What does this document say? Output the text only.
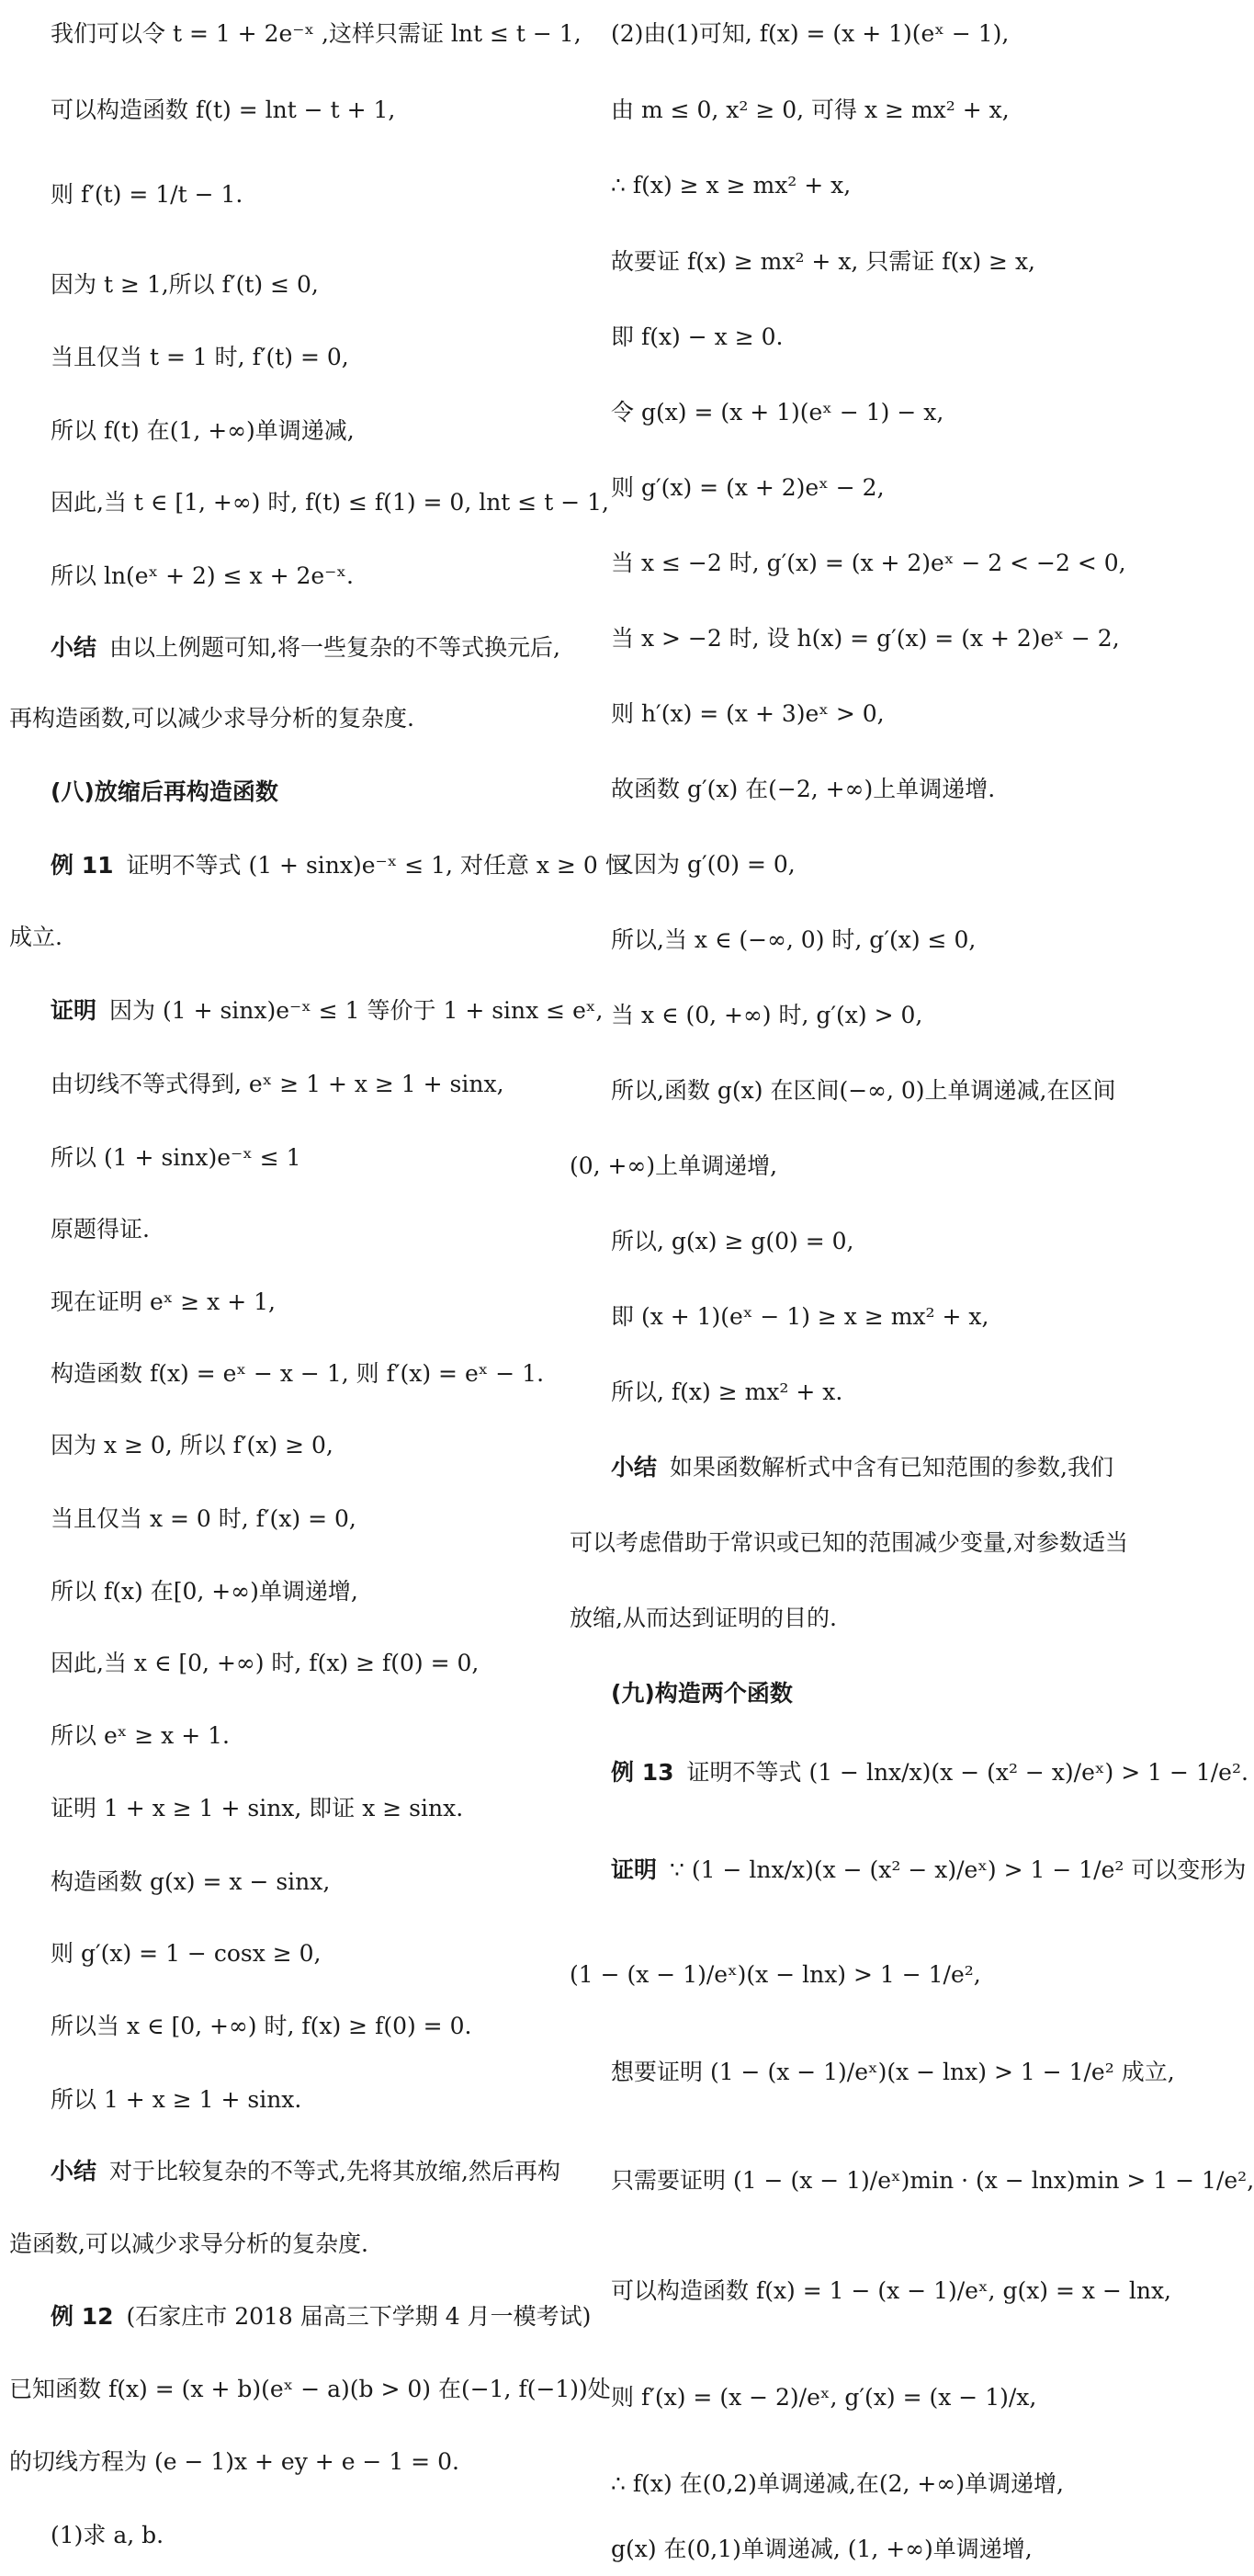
我们可以令 t = 1 + 2e⁻ˣ ,这样只需证 lnt ≤ t − 1,
可以构造函数 f(t) = lnt − t + 1,
则 f′(t) = 1/t − 1.
因为 t ≥ 1,所以 f′(t) ≤ 0,
当且仅当 t = 1 时, f′(t) = 0,
所以 f(t) 在(1, +∞)单调递减,
因此,当 t ∈ [1, +∞) 时, f(t) ≤ f(1) = 0, lnt ≤ t − 1,
所以 ln(eˣ + 2) ≤ x + 2e⁻ˣ.
小结 由以上例题可知,将一些复杂的不等式换元后,
再构造函数,可以减少求导分析的复杂度.
(八)放缩后再构造函数
例 11 证明不等式 (1 + sinx)e⁻ˣ ≤ 1, 对任意 x ≥ 0 恒
成立.
证明 因为 (1 + sinx)e⁻ˣ ≤ 1 等价于 1 + sinx ≤ eˣ,
由切线不等式得到, eˣ ≥ 1 + x ≥ 1 + sinx,
所以 (1 + sinx)e⁻ˣ ≤ 1
原题得证.
现在证明 eˣ ≥ x + 1,
构造函数 f(x) = eˣ − x − 1, 则 f′(x) = eˣ − 1.
因为 x ≥ 0, 所以 f′(x) ≥ 0,
当且仅当 x = 0 时, f′(x) = 0,
所以 f(x) 在[0, +∞)单调递增,
因此,当 x ∈ [0, +∞) 时, f(x) ≥ f(0) = 0,
所以 eˣ ≥ x + 1.
证明 1 + x ≥ 1 + sinx, 即证 x ≥ sinx.
构造函数 g(x) = x − sinx,
则 g′(x) = 1 − cosx ≥ 0,
所以当 x ∈ [0, +∞) 时, f(x) ≥ f(0) = 0.
所以 1 + x ≥ 1 + sinx.
小结 对于比较复杂的不等式,先将其放缩,然后再构
造函数,可以减少求导分析的复杂度.
例 12 (石家庄市 2018 届高三下学期 4 月一模考试)
已知函数 f(x) = (x + b)(eˣ − a)(b > 0) 在(−1, f(−1))处
的切线方程为 (e − 1)x + ey + e − 1 = 0.
(1)求 a, b.
(2)由(1)可知, f(x) = (x + 1)(eˣ − 1),
由 m ≤ 0, x² ≥ 0, 可得 x ≥ mx² + x,
∴ f(x) ≥ x ≥ mx² + x,
故要证 f(x) ≥ mx² + x, 只需证 f(x) ≥ x,
即 f(x) − x ≥ 0.
令 g(x) = (x + 1)(eˣ − 1) − x,
则 g′(x) = (x + 2)eˣ − 2,
当 x ≤ −2 时, g′(x) = (x + 2)eˣ − 2 < −2 < 0,
当 x > −2 时, 设 h(x) = g′(x) = (x + 2)eˣ − 2,
则 h′(x) = (x + 3)eˣ > 0,
故函数 g′(x) 在(−2, +∞)上单调递增.
又因为 g′(0) = 0,
所以,当 x ∈ (−∞, 0) 时, g′(x) ≤ 0,
当 x ∈ (0, +∞) 时, g′(x) > 0,
所以,函数 g(x) 在区间(−∞, 0)上单调递减,在区间
(0, +∞)上单调递增,
所以, g(x) ≥ g(0) = 0,
即 (x + 1)(eˣ − 1) ≥ x ≥ mx² + x,
所以, f(x) ≥ mx² + x.
小结 如果函数解析式中含有已知范围的参数,我们
可以考虑借助于常识或已知的范围减少变量,对参数适当
放缩,从而达到证明的目的.
(九)构造两个函数
例 13 证明不等式 (1 − lnx/x)(x − (x² − x)/eˣ) > 1 − 1/e².
证明 ∵ (1 − lnx/x)(x − (x² − x)/eˣ) > 1 − 1/e² 可以变形为
(1 − (x − 1)/eˣ)(x − lnx) > 1 − 1/e²,
想要证明 (1 − (x − 1)/eˣ)(x − lnx) > 1 − 1/e² 成立,
只需要证明 (1 − (x − 1)/eˣ)min · (x − lnx)min > 1 − 1/e²,
可以构造函数 f(x) = 1 − (x − 1)/eˣ, g(x) = x − lnx,
则 f′(x) = (x − 2)/eˣ, g′(x) = (x − 1)/x,
∴ f(x) 在(0,2)单调递减,在(2, +∞)单调递增,
g(x) 在(0,1)单调递减, (1, +∞)单调递增,
